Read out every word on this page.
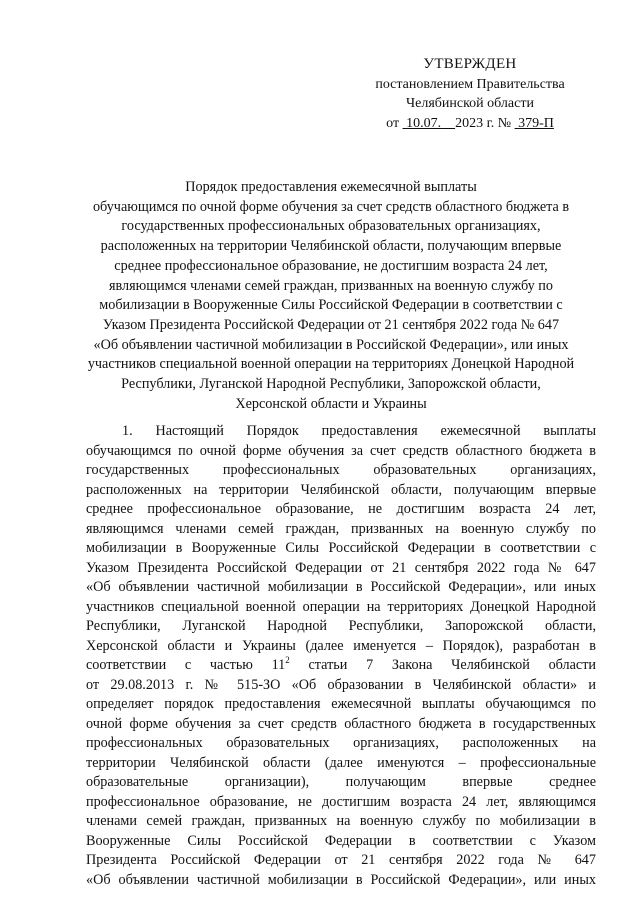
УТВЕРЖДЕН
постановлением Правительства
Челябинской области
от 10.07. 2023 г. № 379-П
Порядок предоставления ежемесячной выплаты
обучающимся по очной форме обучения за счет средств областного бюджета в
государственных профессиональных образовательных организациях,
расположенных на территории Челябинской области, получающим впервые
среднее профессиональное образование, не достигшим возраста 24 лет,
являющимся членами семей граждан, призванных на военную службу по
мобилизации в Вооруженные Силы Российской Федерации в соответствии с
Указом Президента Российской Федерации от 21 сентября 2022 года № 647
«Об объявлении частичной мобилизации в Российской Федерации», или иных
участников специальной военной операции на территориях Донецкой Народной
Республики, Луганской Народной Республики, Запорожской области,
Херсонской области и Украины
1. Настоящий Порядок предоставления ежемесячной выплаты
обучающимся по очной форме обучения за счет средств областного бюджета в
государственных профессиональных образовательных организациях,
расположенных на территории Челябинской области, получающим впервые
среднее профессиональное образование, не достигшим возраста 24 лет,
являющимся членами семей граждан, призванных на военную службу по
мобилизации в Вооруженные Силы Российской Федерации в соответствии с
Указом Президента Российской Федерации от 21 сентября 2022 года № 647
«Об объявлении частичной мобилизации в Российской Федерации», или иных
участников специальной военной операции на территориях Донецкой Народной
Республики, Луганской Народной Республики, Запорожской области,
Херсонской области и Украины (далее именуется – Порядок), разработан в
соответствии с частью $11^2$ статьи 7 Закона Челябинской области
от 29.08.2013 г. № 515-ЗО «Об образовании в Челябинской области» и
определяет порядок предоставления ежемесячной выплаты обучающимся по
очной форме обучения за счет средств областного бюджета в государственных
профессиональных образовательных организациях, расположенных на
территории Челябинской области (далее именуются – профессиональные
образовательные организации), получающим впервые среднее
профессиональное образование, не достигшим возраста 24 лет, являющимся
членами семей граждан, призванных на военную службу по мобилизации в
Вооруженные Силы Российской Федерации в соответствии с Указом
Президента Российской Федерации от 21 сентября 2022 года № 647
«Об объявлении частичной мобилизации в Российской Федерации», или иных
